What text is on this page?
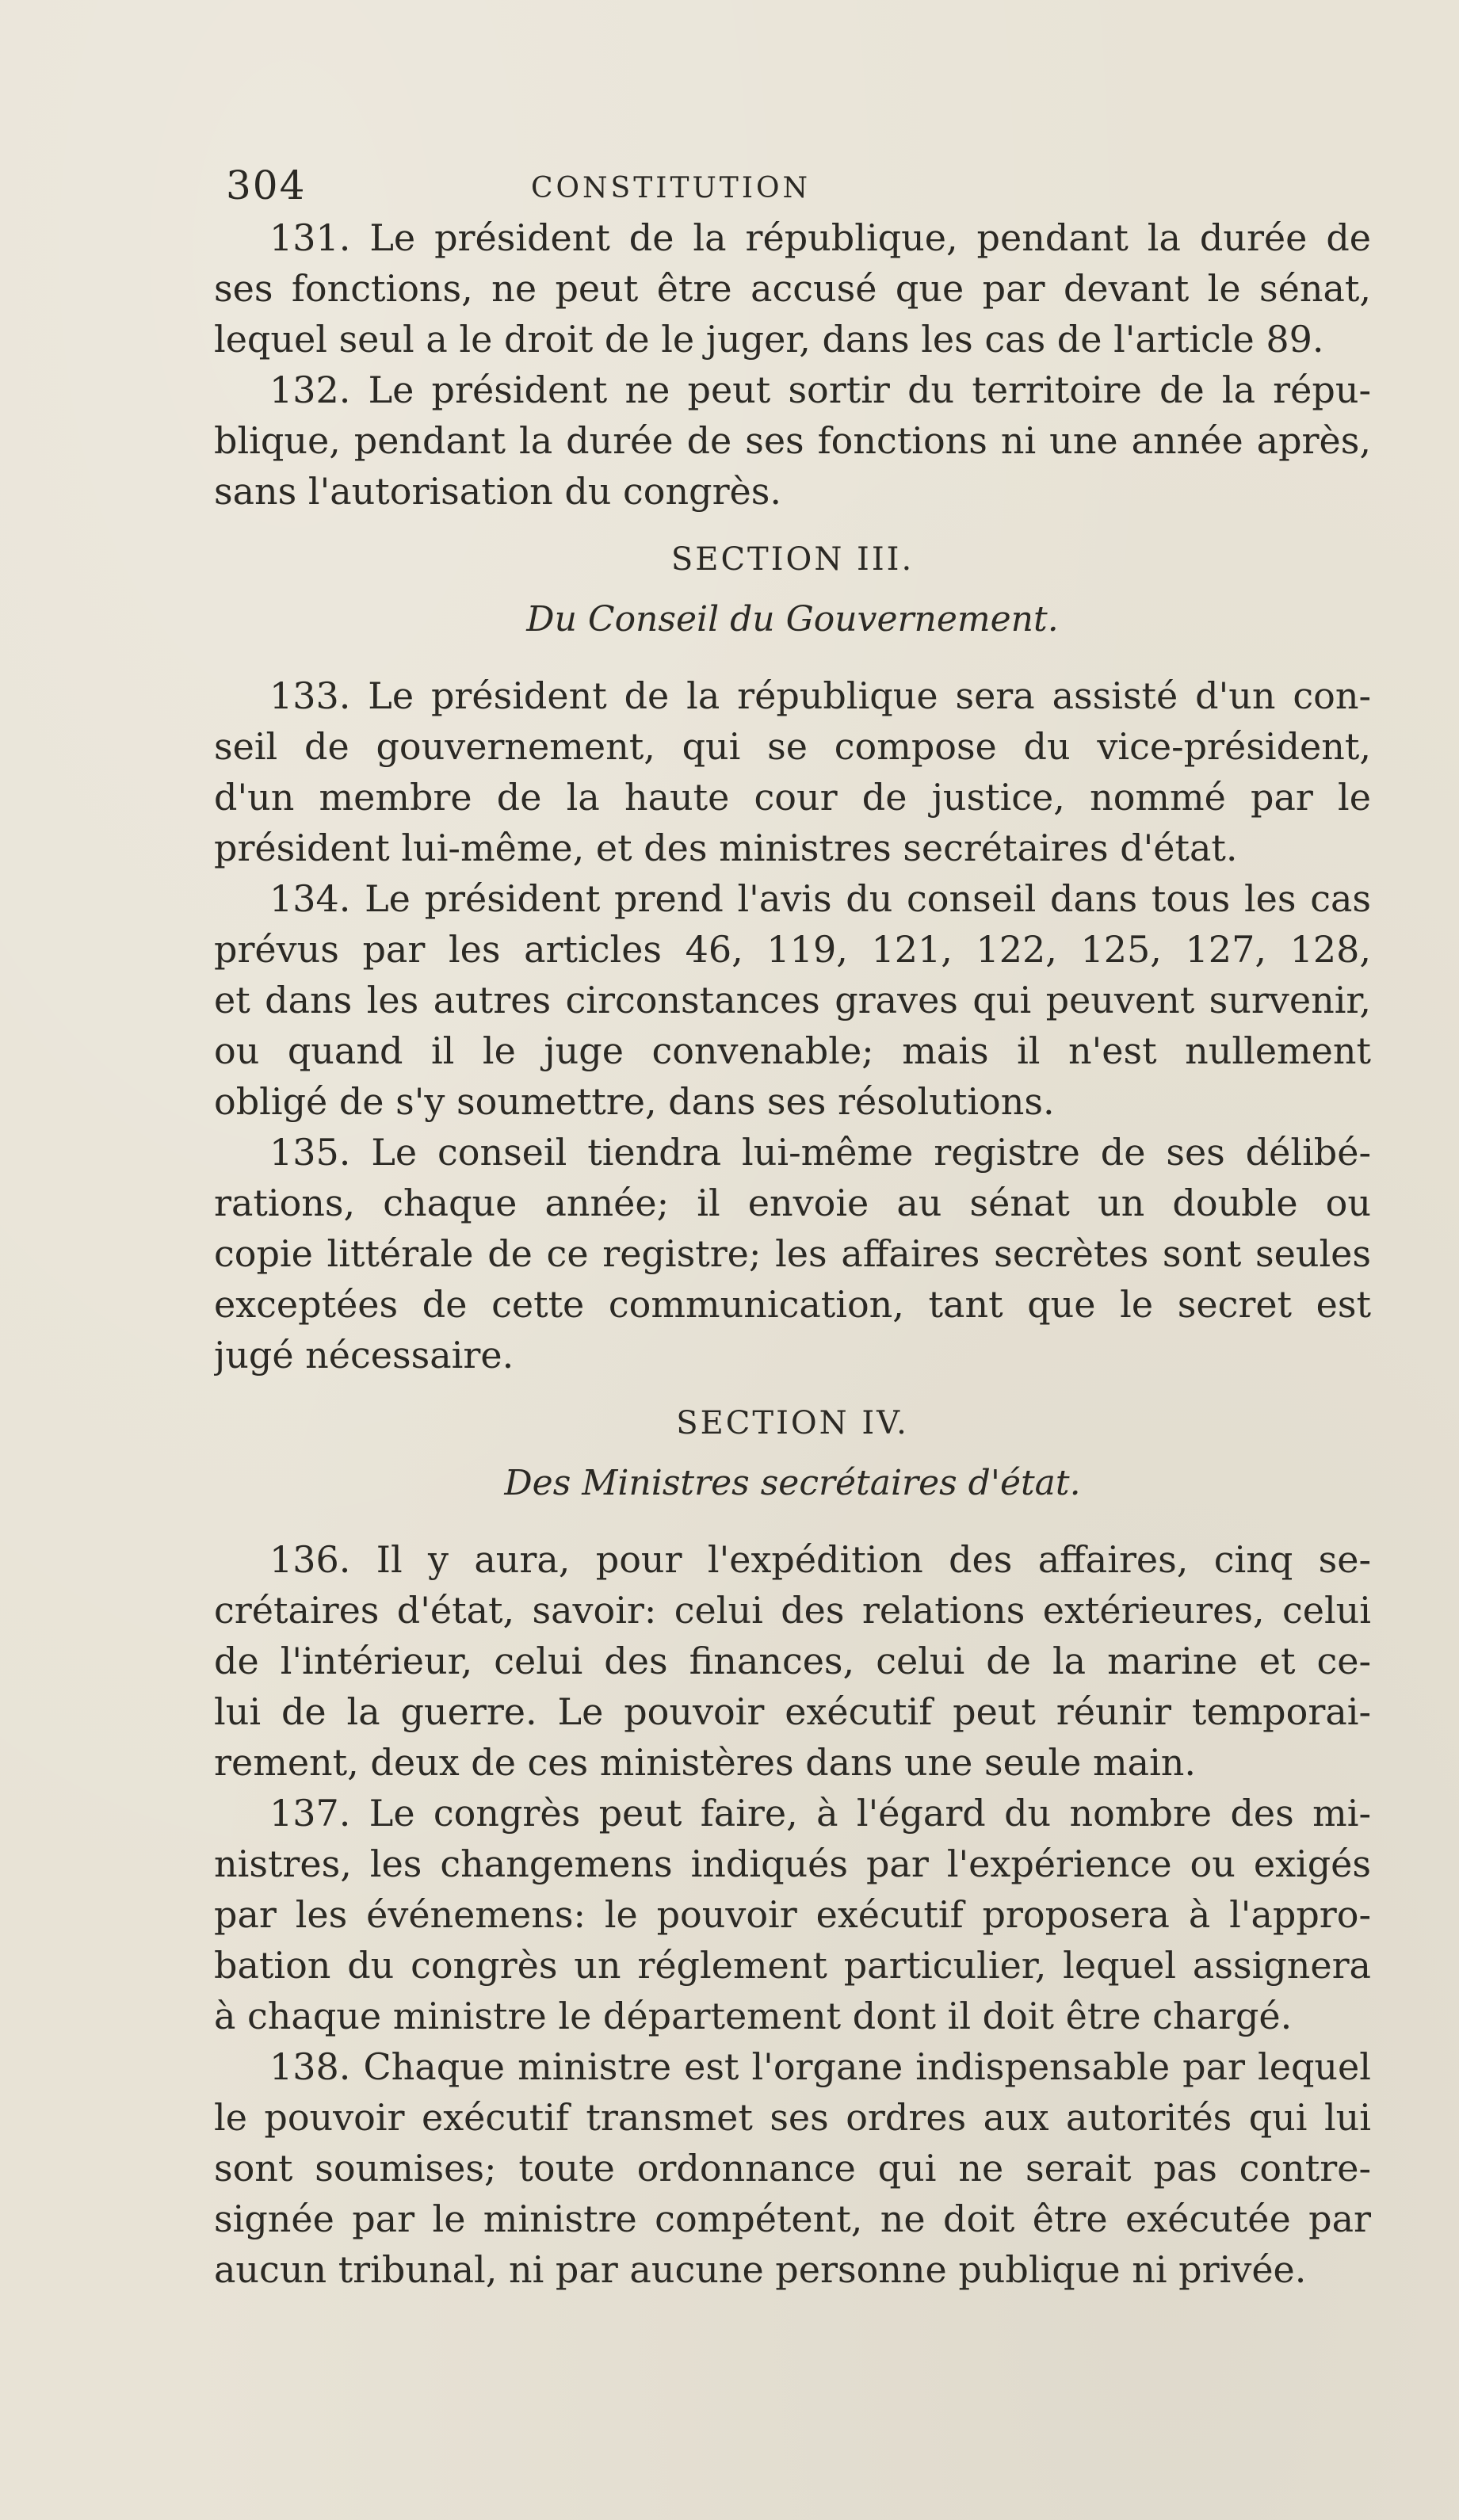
304	CONSTITUTION
131. Le président de la république, pendant la durée de
ses fonctions, ne peut être accusé que par devant le sénat,
lequel seul a le droit de le juger, dans les cas de l'article 89.
132. Le président ne peut sortir du territoire de la répu-
blique, pendant la durée de ses fonctions ni une année après,
sans l'autorisation du congrès.
SECTION III.
Du Conseil du Gouvernement.
133. Le président de la république sera assisté d'un con-
seil de gouvernement, qui se compose du vice-président,
d'un membre de la haute cour de justice, nommé par le
président lui-même, et des ministres secrétaires d'état.
134. Le président prend l'avis du conseil dans tous les cas
prévus par les articles 46, 119, 121, 122, 125, 127, 128,
et dans les autres circonstances graves qui peuvent survenir,
ou quand il le juge convenable; mais il n'est nullement
obligé de s'y soumettre, dans ses résolutions.
135. Le conseil tiendra lui-même registre de ses délibé-
rations, chaque année; il envoie au sénat un double ou
copie littérale de ce registre; les affaires secrètes sont seules
exceptées de cette communication, tant que le secret est
jugé nécessaire.
SECTION IV.
Des Ministres secrétaires d'état.
136. Il y aura, pour l'expédition des affaires, cinq se-
crétaires d'état, savoir: celui des relations extérieures, celui
de l'intérieur, celui des finances, celui de la marine et ce-
lui de la guerre. Le pouvoir exécutif peut réunir temporai-
rement, deux de ces ministères dans une seule main.
137. Le congrès peut faire, à l'égard du nombre des mi-
nistres, les changemens indiqués par l'expérience ou exigés
par les événemens: le pouvoir exécutif proposera à l'appro-
bation du congrès un réglement particulier, lequel assignera
à chaque ministre le département dont il doit être chargé.
138. Chaque ministre est l'organe indispensable par lequel
le pouvoir exécutif transmet ses ordres aux autorités qui lui
sont soumises; toute ordonnance qui ne serait pas contre-
signée par le ministre compétent, ne doit être exécutée par
aucun tribunal, ni par aucune personne publique ni privée.
